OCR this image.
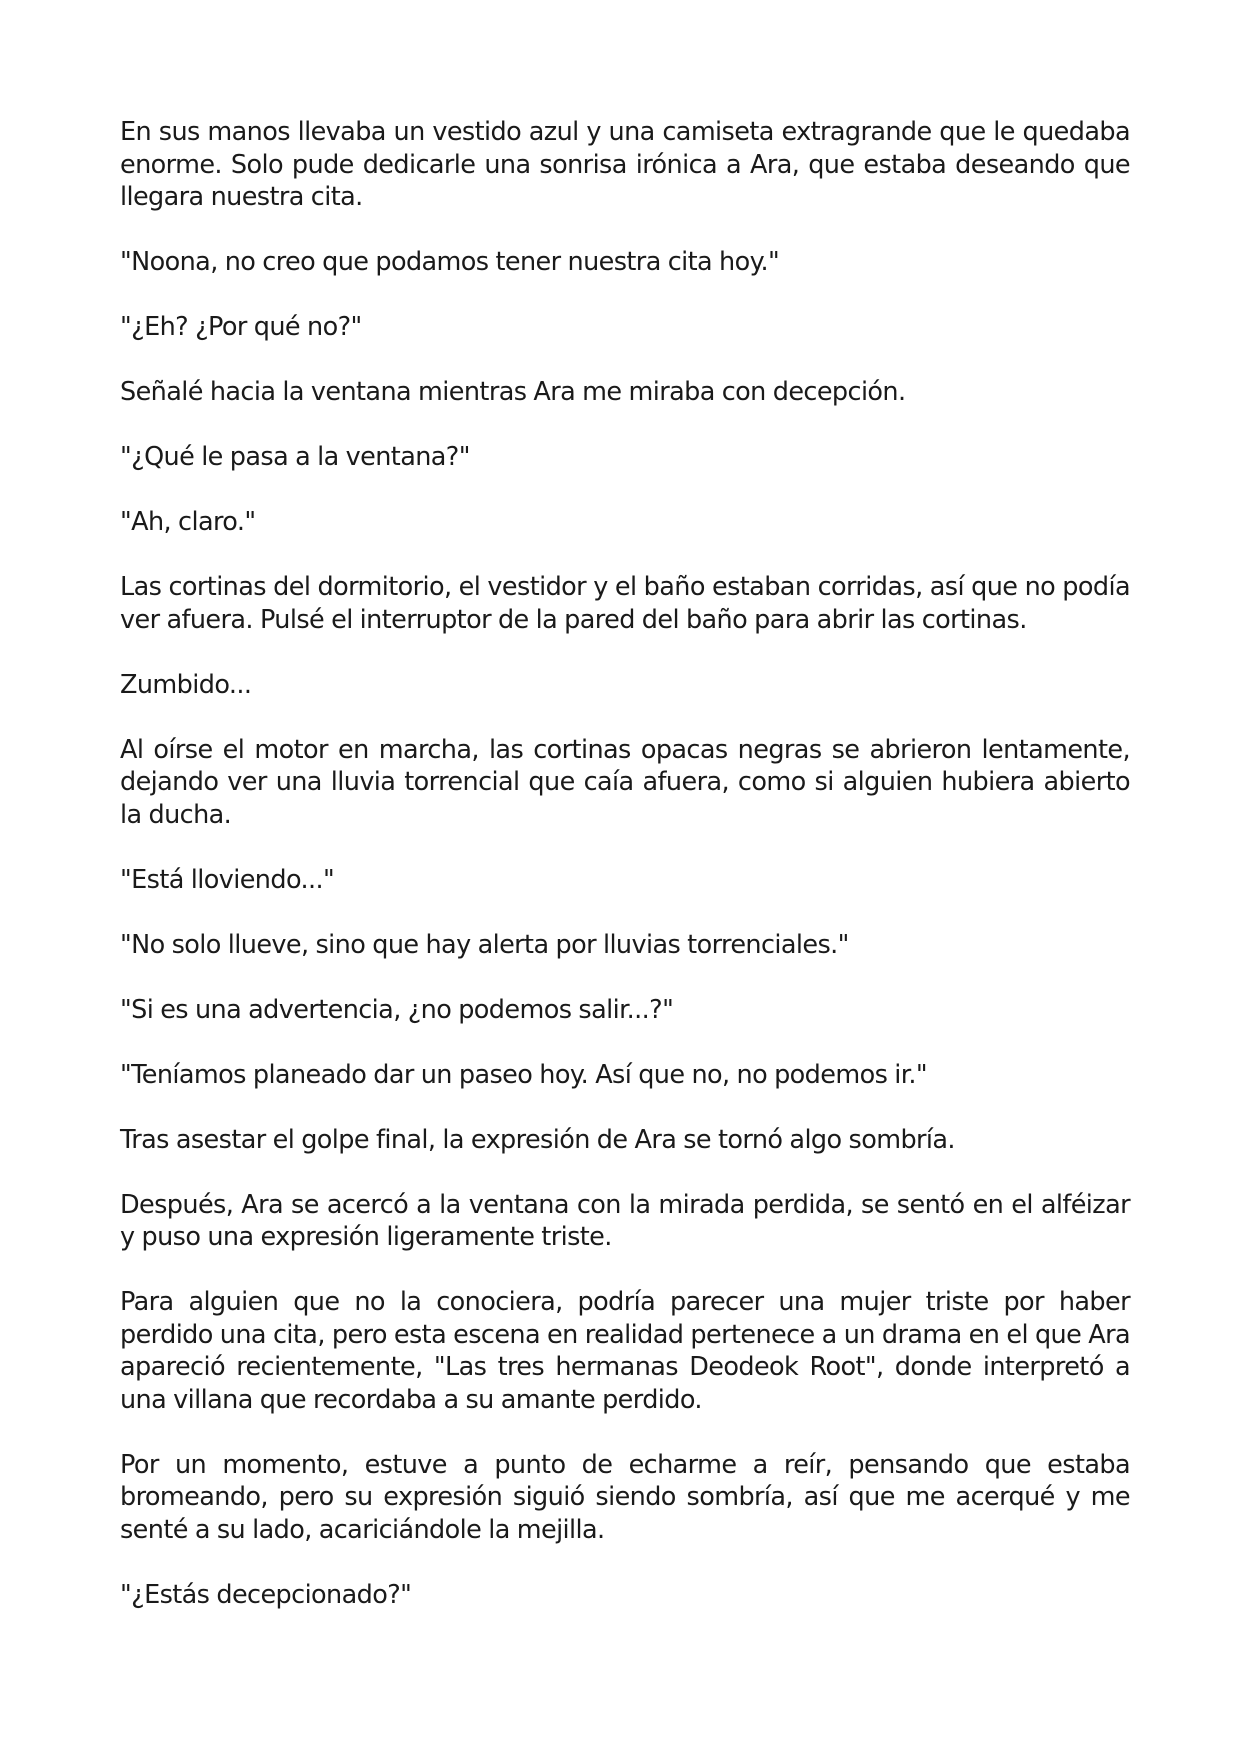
En sus manos llevaba un vestido azul y una camiseta extragrande que le quedaba enorme. Solo pude dedicarle una sonrisa irónica a Ara, que estaba deseando que llegara nuestra cita.

"Noona, no creo que podamos tener nuestra cita hoy."

"¿Eh? ¿Por qué no?"

Señalé hacia la ventana mientras Ara me miraba con decepción.

"¿Qué le pasa a la ventana?"

"Ah, claro."

Las cortinas del dormitorio, el vestidor y el baño estaban corridas, así que no podía ver afuera. Pulsé el interruptor de la pared del baño para abrir las cortinas.

Zumbido...

Al oírse el motor en marcha, las cortinas opacas negras se abrieron lentamente, dejando ver una lluvia torrencial que caía afuera, como si alguien hubiera abierto la ducha.

"Está lloviendo..."

"No solo llueve, sino que hay alerta por lluvias torrenciales."

"Si es una advertencia, ¿no podemos salir...?"

"Teníamos planeado dar un paseo hoy. Así que no, no podemos ir."

Tras asestar el golpe final, la expresión de Ara se tornó algo sombría.

Después, Ara se acercó a la ventana con la mirada perdida, se sentó en el alféizar y puso una expresión ligeramente triste.

Para alguien que no la conociera, podría parecer una mujer triste por haber perdido una cita, pero esta escena en realidad pertenece a un drama en el que Ara apareció recientemente, "Las tres hermanas Deodeok Root", donde interpretó a una villana que recordaba a su amante perdido.

Por un momento, estuve a punto de echarme a reír, pensando que estaba bromeando, pero su expresión siguió siendo sombría, así que me acerqué y me senté a su lado, acariciándole la mejilla.

"¿Estás decepcionado?"
